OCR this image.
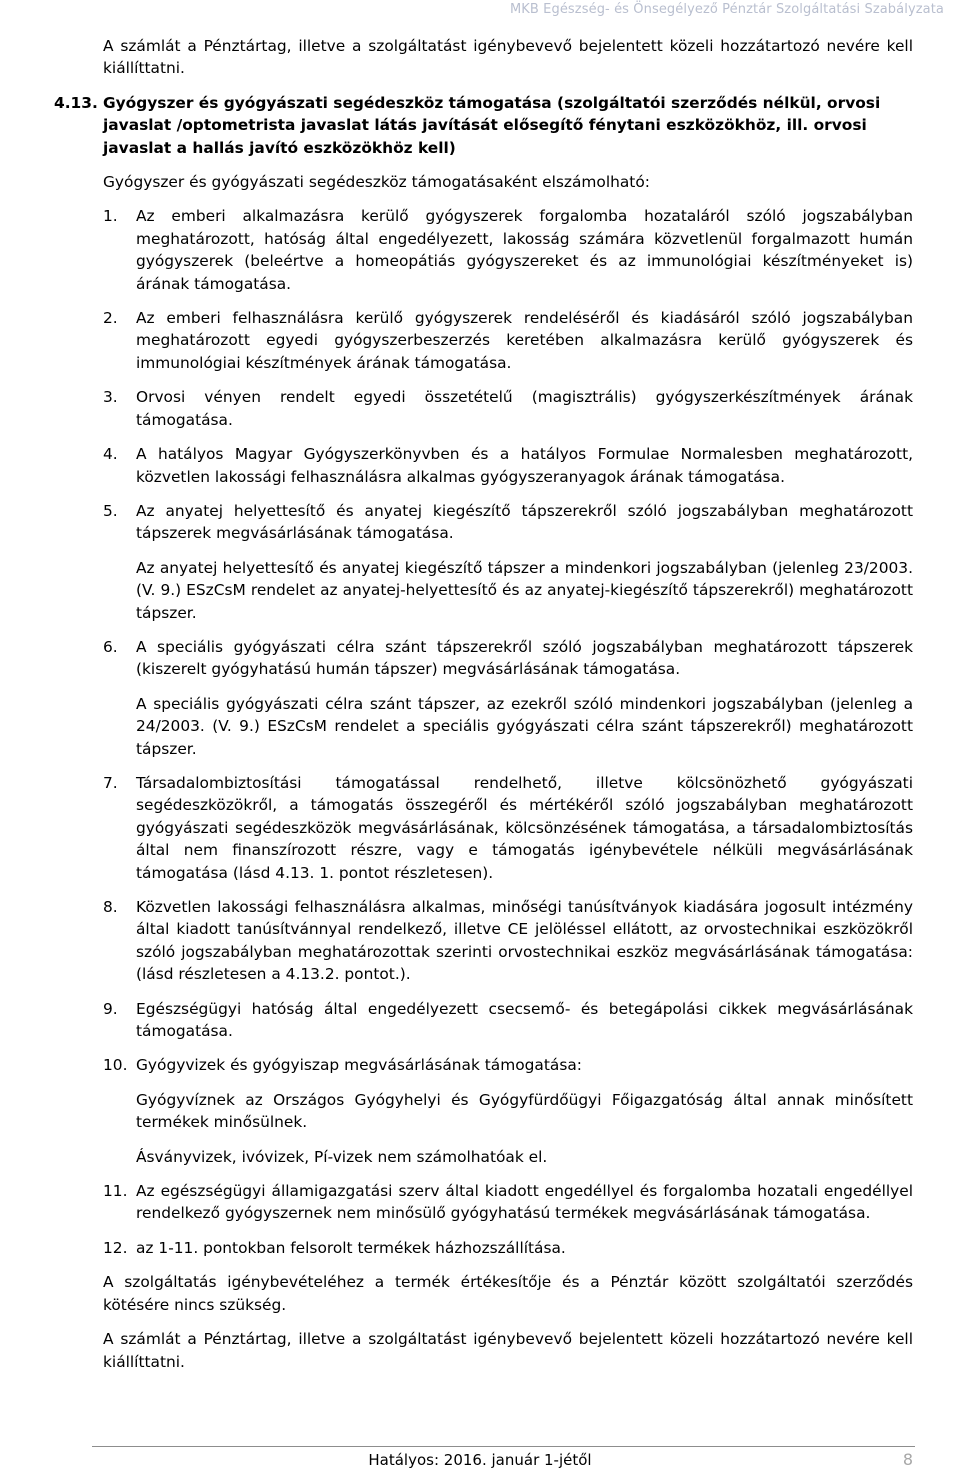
MKB Egészség- és Önsegélyező Pénztár Szolgáltatási Szabályzata

A számlát a Pénztártag, illetve a szolgáltatást igénybevevő bejelentett közeli hozzátartozó nevére kell kiállíttatni.

4.13. Gyógyszer és gyógyászati segédeszköz támogatása (szolgáltatói szerződés nélkül, orvosi javaslat /optometrista javaslat látás javítását elősegítő fénytani eszközökhöz, ill. orvosi javaslat a hallás javító eszközökhöz kell)

Gyógyszer és gyógyászati segédeszköz támogatásaként elszámolható:

1. Az emberi alkalmazásra kerülő gyógyszerek forgalomba hozataláról szóló jogszabályban meghatározott, hatóság által engedélyezett, lakosság számára közvetlenül forgalmazott humán gyógyszerek (beleértve a homeopátiás gyógyszereket és az immunológiai készítményeket is) árának támogatása.

2. Az emberi felhasználásra kerülő gyógyszerek rendeléséről és kiadásáról szóló jogszabályban meghatározott egyedi gyógyszerbeszerzés keretében alkalmazásra kerülő gyógyszerek és immunológiai készítmények árának támogatása.

3. Orvosi vényen rendelt egyedi összetételű (magisztrális) gyógyszerkészítmények árának támogatása.

4. A hatályos Magyar Gyógyszerkönyvben és a hatályos Formulae Normalesben meghatározott, közvetlen lakossági felhasználásra alkalmas gyógyszeranyagok árának támogatása.

5. Az anyatej helyettesítő és anyatej kiegészítő tápszerekről szóló jogszabályban meghatározott tápszerek megvásárlásának támogatása.

Az anyatej helyettesítő és anyatej kiegészítő tápszer a mindenkori jogszabályban (jelenleg 23/2003. (V. 9.) ESzCsM rendelet az anyatej-helyettesítő és az anyatej-kiegészítő tápszerekről) meghatározott tápszer.

6. A speciális gyógyászati célra szánt tápszerekről szóló jogszabályban meghatározott tápszerek (kiszerelt gyógyhatású humán tápszer) megvásárlásának támogatása.

A speciális gyógyászati célra szánt tápszer, az ezekről szóló mindenkori jogszabályban (jelenleg a 24/2003. (V. 9.) ESzCsM rendelet a speciális gyógyászati célra szánt tápszerekről) meghatározott tápszer.

7. Társadalombiztosítási támogatással rendelhető, illetve kölcsönözhető gyógyászati segédeszközökről, a támogatás összegéről és mértékéről szóló jogszabályban meghatározott gyógyászati segédeszközök megvásárlásának, kölcsönzésének támogatása, a társadalombiztosítás által nem finanszírozott részre, vagy e támogatás igénybevétele nélküli megvásárlásának támogatása (lásd 4.13. 1. pontot részletesen).

8. Közvetlen lakossági felhasználásra alkalmas, minőségi tanúsítványok kiadására jogosult intézmény által kiadott tanúsítvánnyal rendelkező, illetve CE jelöléssel ellátott, az orvostechnikai eszközökről szóló jogszabályban meghatározottak szerinti orvostechnikai eszköz megvásárlásának támogatása: (lásd részletesen a 4.13.2. pontot.).

9. Egészségügyi hatóság által engedélyezett csecsemő- és betegápolási cikkek megvásárlásának támogatása.

10. Gyógyvizek és gyógyiszap megvásárlásának támogatása:

Gyógyvíznek az Országos Gyógyhelyi és Gyógyfürdőügyi Főigazgatóság által annak minősített termékek minősülnek.

Ásványvizek, ivóvizek, Pí-vizek nem számolhatóak el.

11. Az egészségügyi államigazgatási szerv által kiadott engedéllyel és forgalomba hozatali engedéllyel rendelkező gyógyszernek nem minősülő gyógyhatású termékek megvásárlásának támogatása.

12. az 1-11. pontokban felsorolt termékek házhozszállítása.

A szolgáltatás igénybevételéhez a termék értékesítője és a Pénztár között szolgáltatói szerződés kötésére nincs szükség.

A számlát a Pénztártag, illetve a szolgáltatást igénybevevő bejelentett közeli hozzátartozó nevére kell kiállíttatni.

Hatályos: 2016. január 1-jétől	8
